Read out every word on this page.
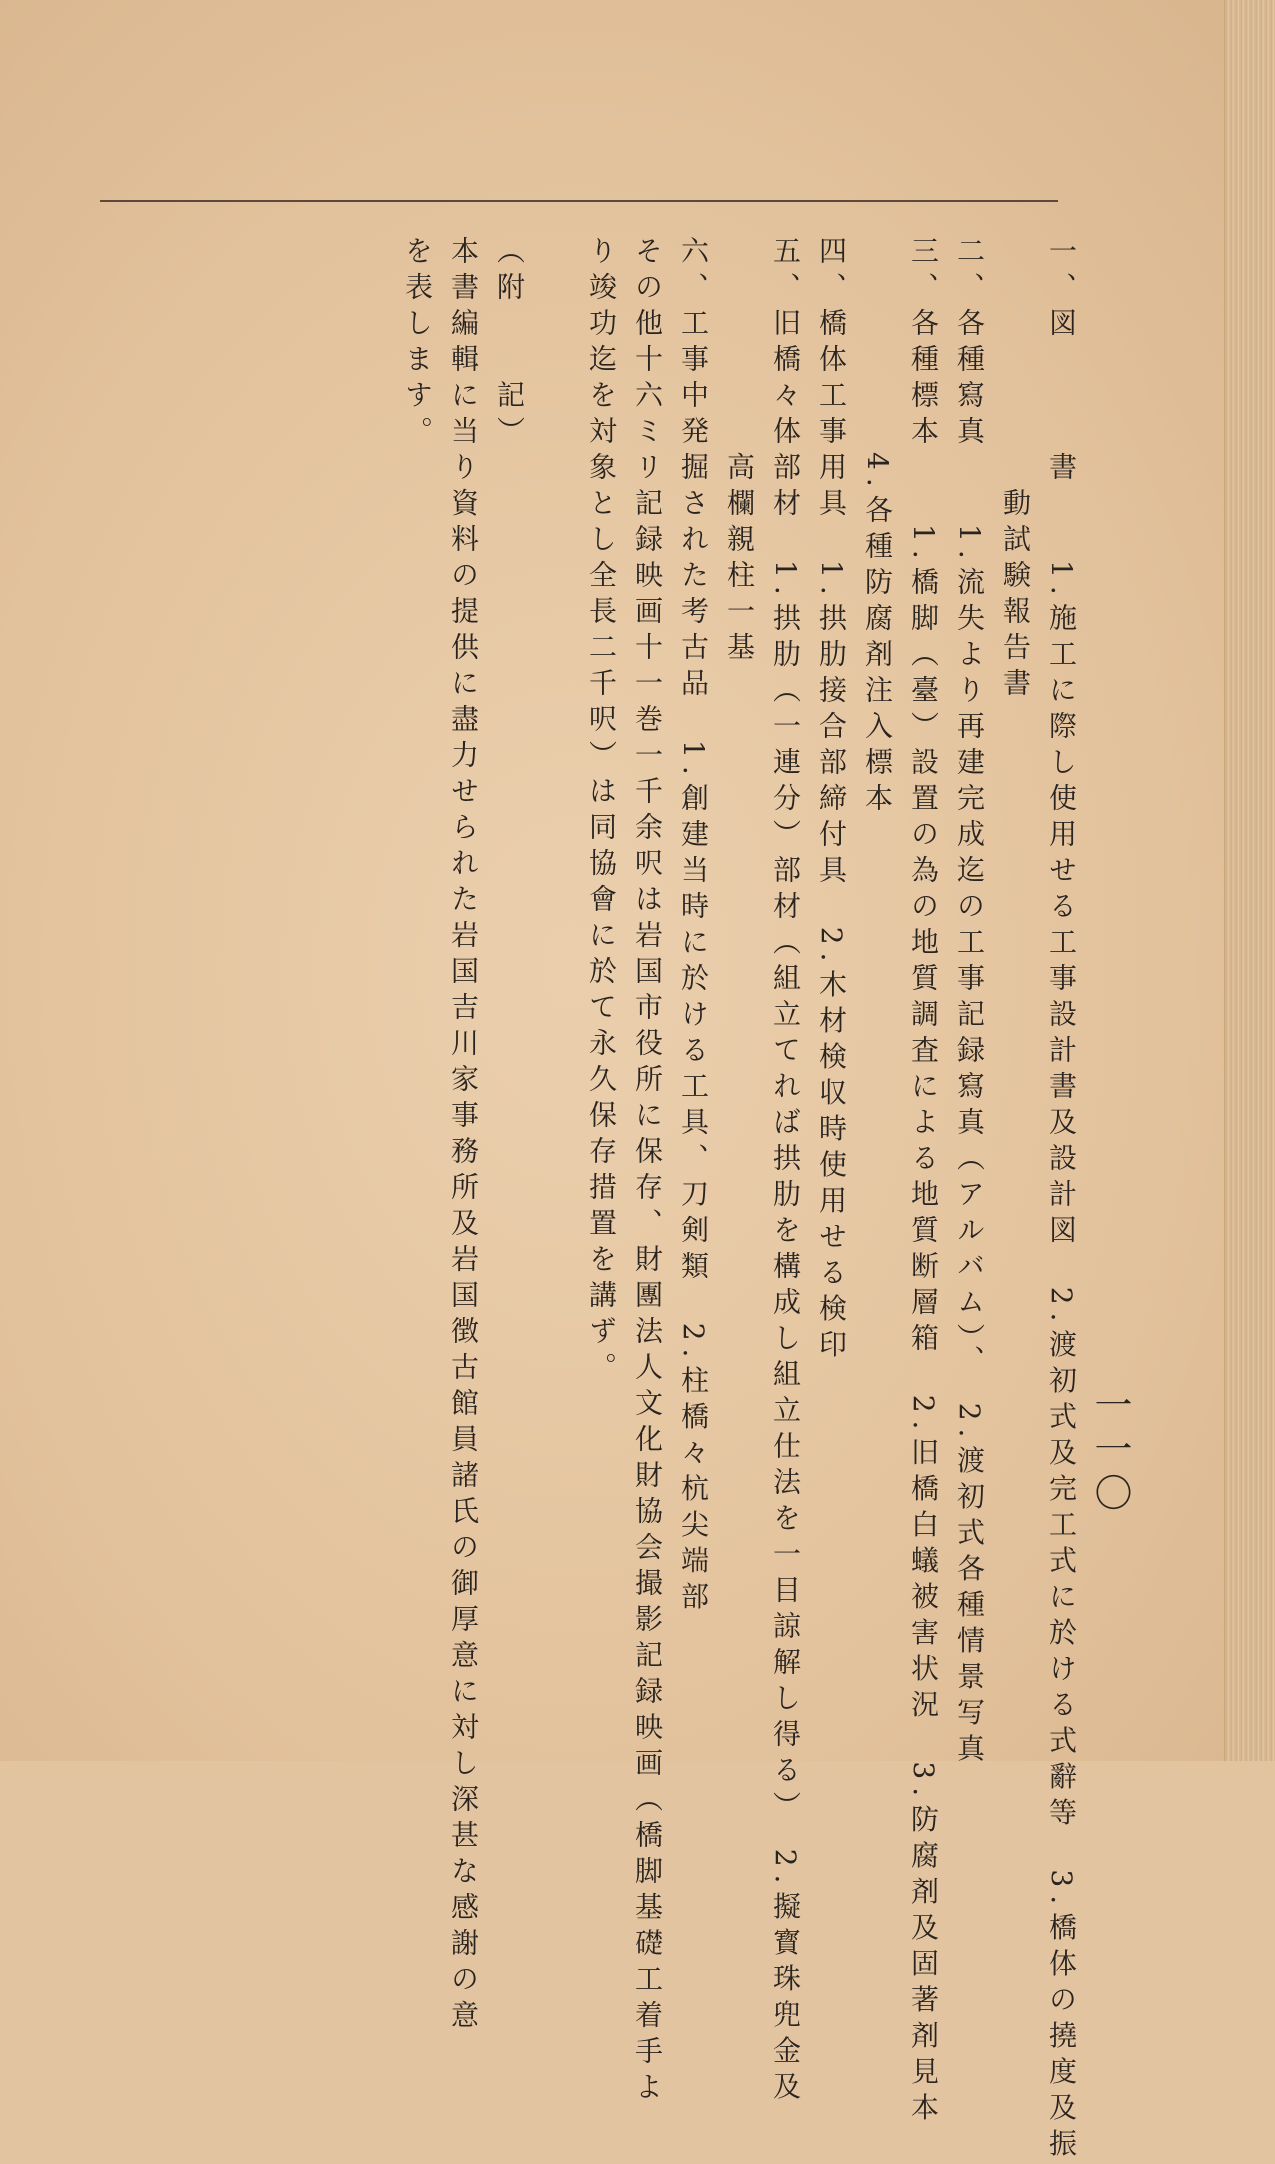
一一〇
一、図　　　書　　1.施工に際し使用せる工事設計書及設計図　2.渡初式及完工式に於ける式辭等　3.橋体の撓度及振
　　　　　　　動試験報告書
二、各種寫真　　1.流失より再建完成迄の工事記録寫真（アルバム）、　2.渡初式各種情景写真
三、各種標本　　1.橋脚（臺）設置の為の地質調査による地質断層箱　2.旧橋白蟻被害状況　3.防腐剤及固著剤見本
　　　　　　4.各種防腐剤注入標本
四、橋体工事用具　1.拱肋接合部締付具　2.木材検収時使用せる検印
五、旧橋々体部材　1.拱肋（一連分）部材（組立てれば拱肋を構成し組立仕法を一目諒解し得る）　2.擬寳珠兜金及
　　　　　　高欄親柱一基
六、工事中発掘された考古品　1.創建当時に於ける工具、刀剣類　2.柱橋々杭尖端部
その他十六ミリ記録映画十一巻一千余呎は岩国市役所に保存、財團法人文化財協会撮影記録映画（橋脚基礎工着手よ
り竣功迄を対象とし全長二千呎）は同協會に於て永久保存措置を講ず。
（附　　記）
本書編輯に当り資料の提供に盡力せられた岩国吉川家事務所及岩国徴古館員諸氏の御厚意に対し深甚な感謝の意
を表します。
